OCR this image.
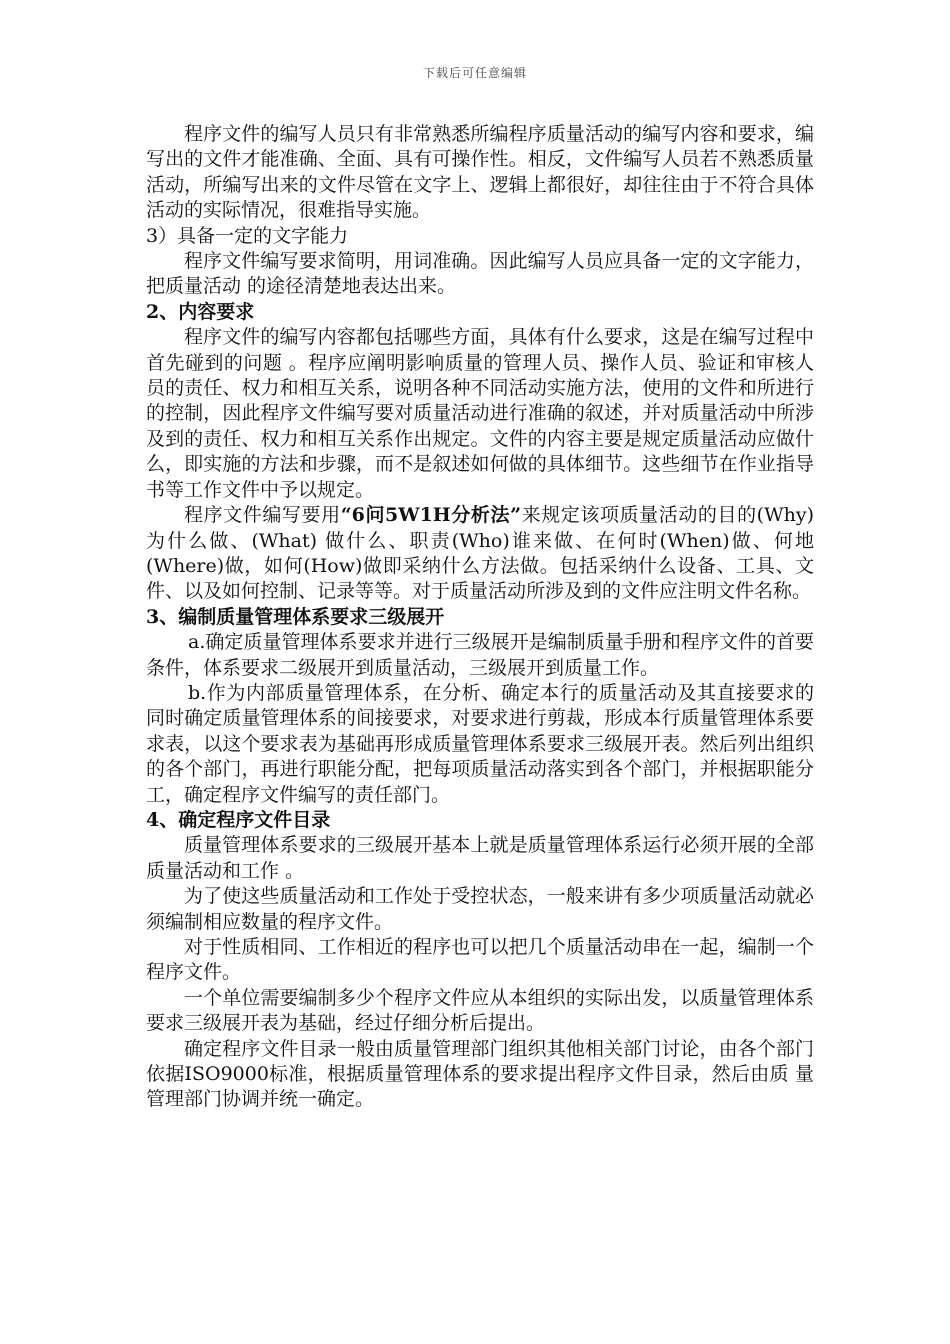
下载后可任意编辑

程序文件的编写人员只有非常熟悉所编程序质量活动的编写内容和要求，编写出的文件才能准确、全面、具有可操作性。相反，文件编写人员若不熟悉质量活动，所编写出来的文件尽管在文字上、逻辑上都很好，却往往由于不符合具体活动的实际情况，很难指导实施。

3）具备一定的文字能力

程序文件编写要求简明，用词准确。因此编写人员应具备一定的文字能力，把质量活动 的途径清楚地表达出来。

2、内容要求

程序文件的编写内容都包括哪些方面，具体有什么要求，这是在编写过程中首先碰到的问题 。程序应阐明影响质量的管理人员、操作人员、验证和审核人员的责任、权力和相互关系，说明各种不同活动实施方法，使用的文件和所进行的控制，因此程序文件编写要对质量活动进行准确的叙述，并对质量活动中所涉及到的责任、权力和相互关系作出规定。文件的内容主要是规定质量活动应做什么，即实施的方法和步骤，而不是叙述如何做的具体细节。这些细节在作业指导书等工作文件中予以规定。

程序文件编写要用“6问5W1H分析法”来规定该项质量活动的目的(Why)为什么做、(What) 做什么、职责(Who)谁来做、在何时(When)做、何地(Where)做，如何(How)做即采纳什么方法做。包括采纳什么设备、工具、文件、以及如何控制、记录等等。对于质量活动所涉及到的文件应注明文件名称。

3、编制质量管理体系要求三级展开

a.确定质量管理体系要求并进行三级展开是编制质量手册和程序文件的首要条件，体系要求二级展开到质量活动，三级展开到质量工作。

b.作为内部质量管理体系，在分析、确定本行的质量活动及其直接要求的同时确定质量管理体系的间接要求，对要求进行剪裁，形成本行质量管理体系要求表，以这个要求表为基础再形成质量管理体系要求三级展开表。然后列出组织的各个部门，再进行职能分配，把每项质量活动落实到各个部门，并根据职能分工，确定程序文件编写的责任部门。

4、确定程序文件目录

质量管理体系要求的三级展开基本上就是质量管理体系运行必须开展的全部质量活动和工作 。

为了使这些质量活动和工作处于受控状态，一般来讲有多少项质量活动就必须编制相应数量的程序文件。

对于性质相同、工作相近的程序也可以把几个质量活动串在一起，编制一个程序文件。

一个单位需要编制多少个程序文件应从本组织的实际出发，以质量管理体系要求三级展开表为基础，经过仔细分析后提出。

确定程序文件目录一般由质量管理部门组织其他相关部门讨论，由各个部门依据ISO9000标准，根据质量管理体系的要求提出程序文件目录，然后由质 量管理部门协调并统一确定。
